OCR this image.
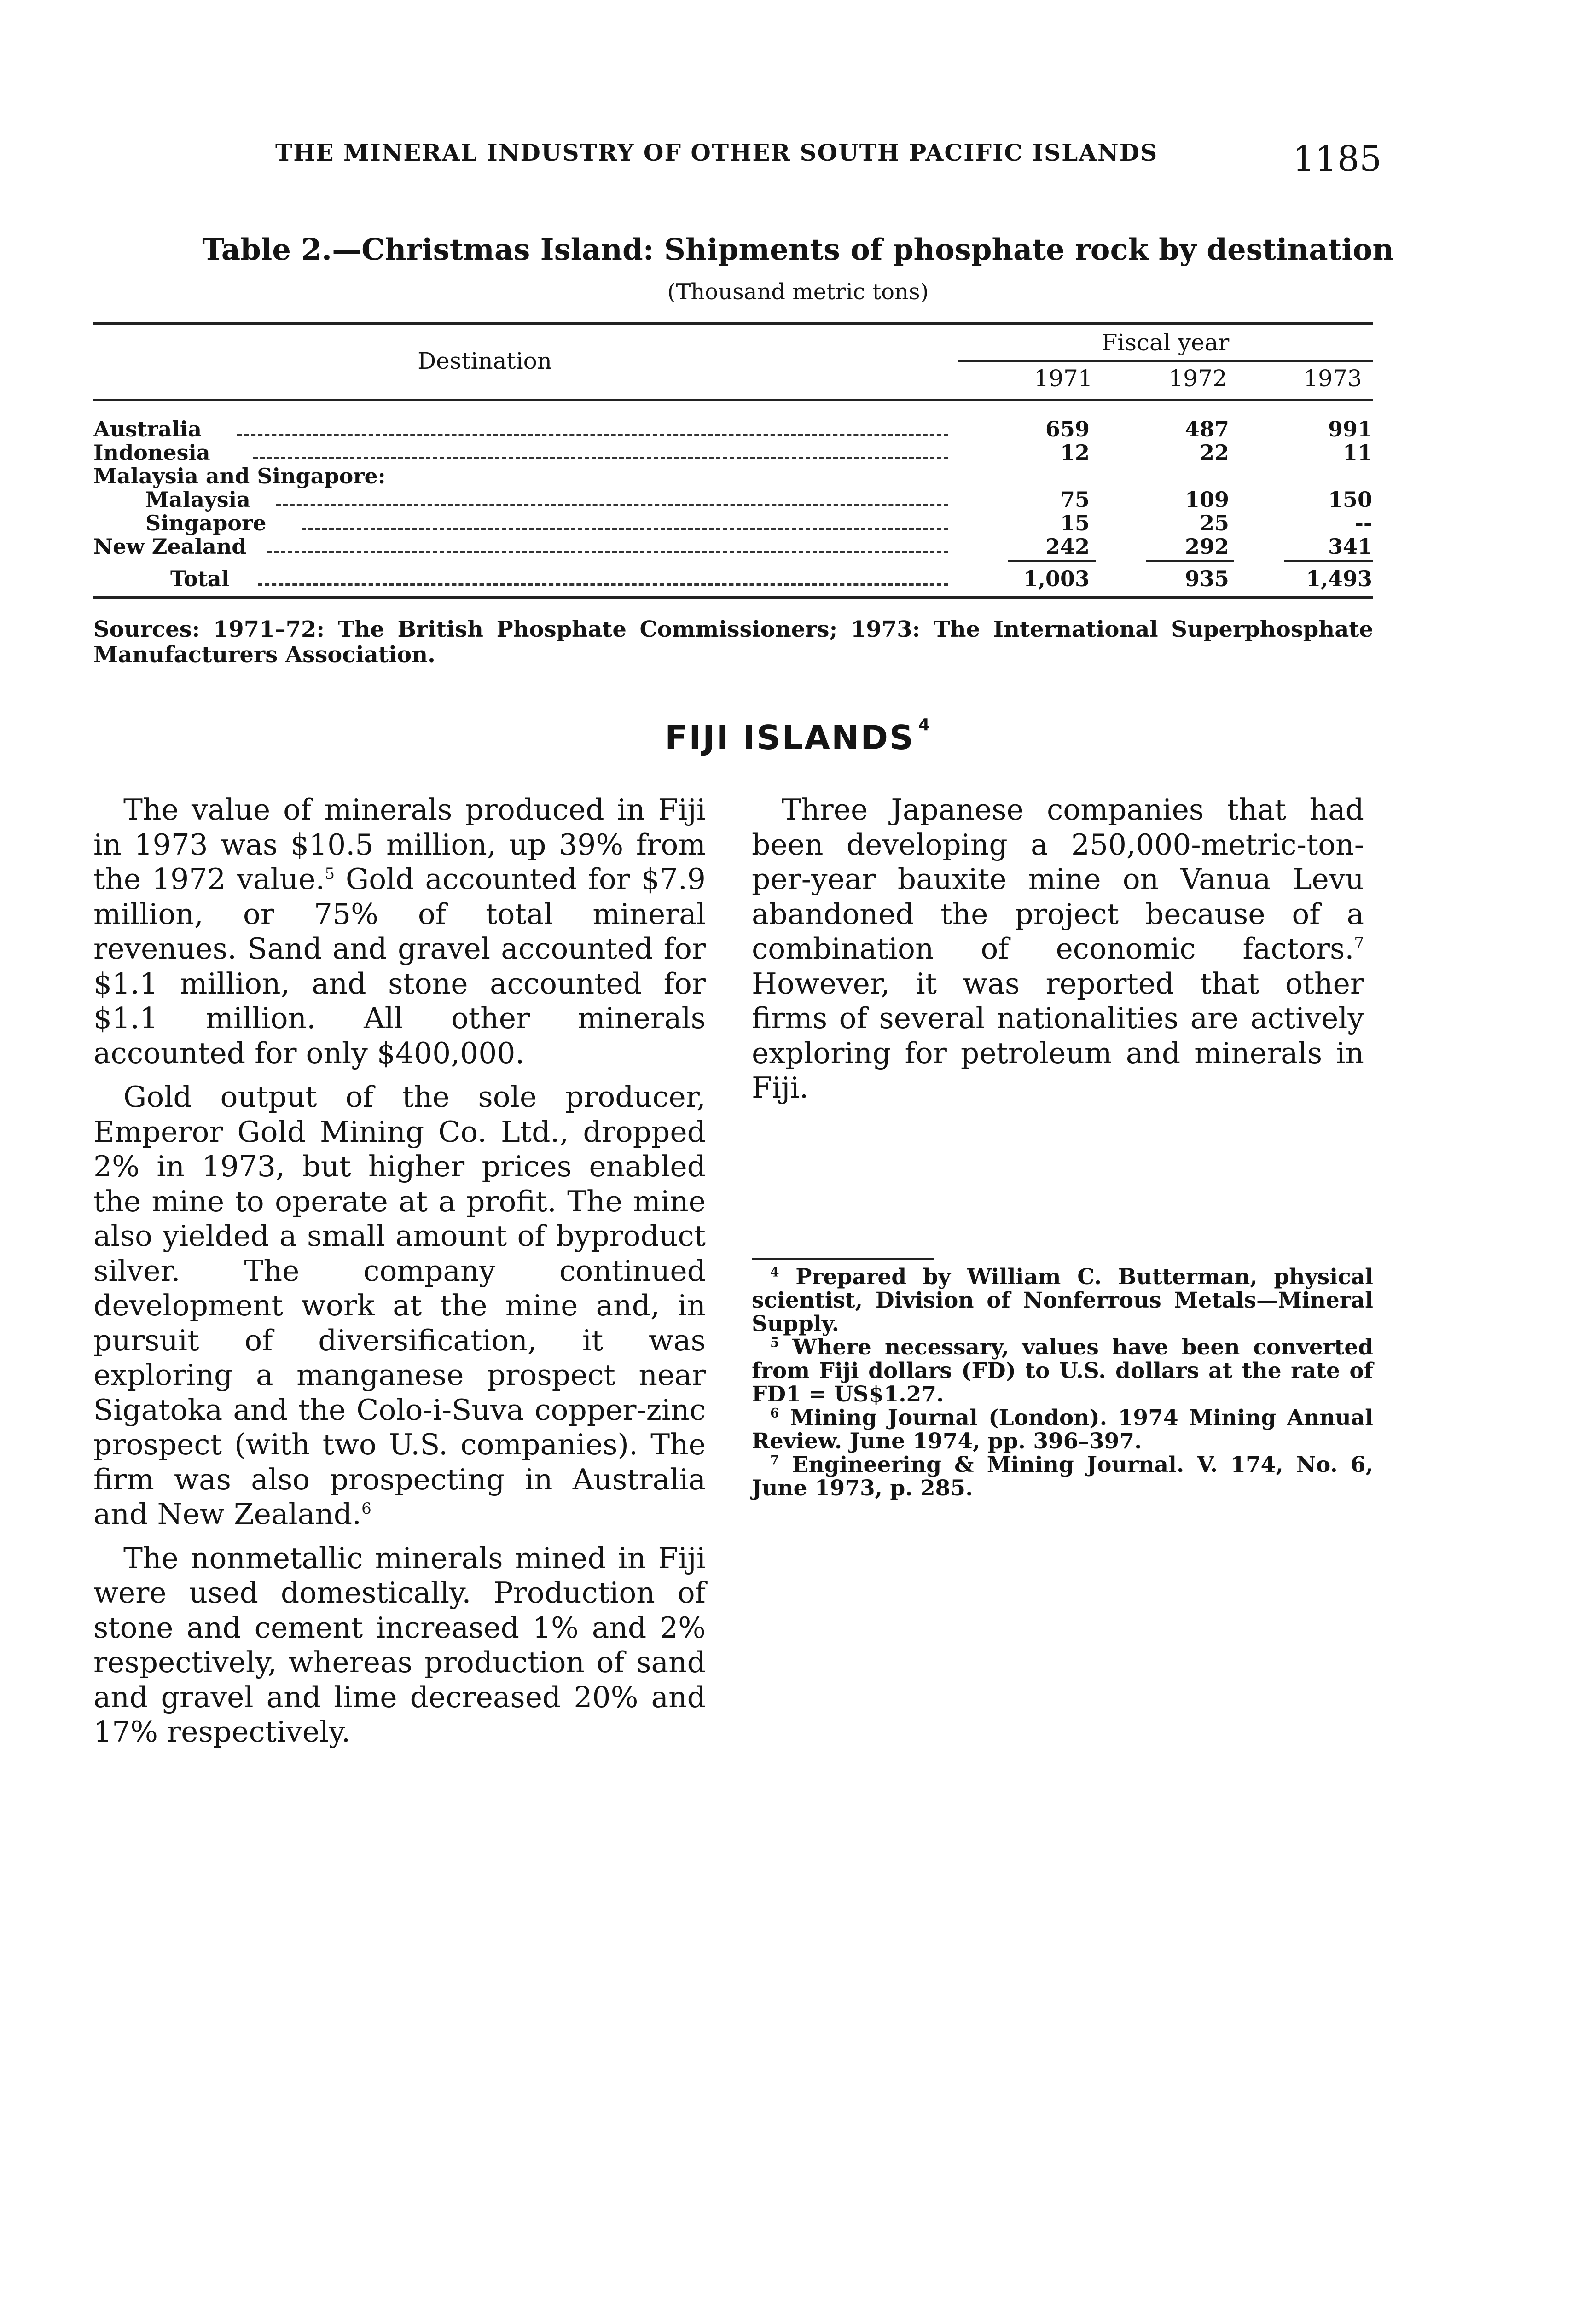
THE MINERAL INDUSTRY OF OTHER SOUTH PACIFIC ISLANDS	1185
Table 2.—Christmas Island: Shipments of phosphate rock by destination
(Thousand metric tons)
Destination
Fiscal year
1971	1972	1973
Australia	659	487	991
Indonesia	12	22	11
Malaysia and Singapore:
Malaysia	75	109	150
Singapore	15	25	--
New Zealand	242	292	341
Total	1,003	935	1,493
Sources: 1971–72: The British Phosphate Commissioners; 1973: The International Superphosphate Manufacturers Association.
FIJI ISLANDS $^4$

The value of minerals produced in Fiji in 1973 was $10.5 million, up 39% from the 1972 value.$^5$ Gold accounted for $7.9 million, or 75% of total mineral revenues. Sand and gravel accounted for $1.1 million, and stone accounted for $1.1 million. All other minerals accounted for only $400,000.

Gold output of the sole producer, Emperor Gold Mining Co. Ltd., dropped 2% in 1973, but higher prices enabled the mine to operate at a profit. The mine also yielded a small amount of byproduct silver. The company continued development work at the mine and, in pursuit of diversification, it was exploring a manganese prospect near Sigatoka and the Colo-i-Suva copper-zinc prospect (with two U.S. companies). The firm was also prospecting in Australia and New Zealand.$^6$

The nonmetallic minerals mined in Fiji were used domestically. Production of stone and cement increased 1% and 2% respectively, whereas production of sand and gravel and lime decreased 20% and 17% respectively.

Three Japanese companies that had been developing a 250,000-metric-ton-per-year bauxite mine on Vanua Levu abandoned the project because of a combination of economic factors.$^7$ However, it was reported that other firms of several nationalities are actively exploring for petroleum and minerals in Fiji.

$^4$ Prepared by William C. Butterman, physical scientist, Division of Nonferrous Metals—Mineral Supply.

$^5$ Where necessary, values have been converted from Fiji dollars (FD) to U.S. dollars at the rate of FD1 = US$1.27.

$^6$ Mining Journal (London). 1974 Mining Annual Review. June 1974, pp. 396–397.

$^7$ Engineering & Mining Journal. V. 174, No. 6, June 1973, p. 285.
